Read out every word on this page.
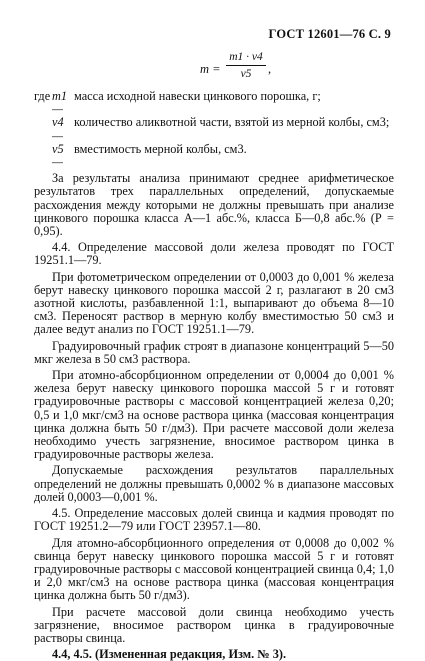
ГОСТ 12601—76 С. 9
m =
m1 · v4
v5	,
где m1 —
масса исходной навески цинкового порошка, г;
v4 —
количество аликвотной части, взятой из мерной колбы, см3;
v5 —
вместимость мерной колбы, см3.

За результаты анализа принимают среднее арифметическое результатов трех параллельных определений, допускаемые расхождения между которыми не должны превышать при анализе цинкового порошка класса А—1 абс.%, класса Б—0,8 абс.% (Р = 0,95).

4.4. Определение массовой доли железа проводят по ГОСТ 19251.1—79.

При фотометрическом определении от 0,0003 до 0,001 % железа берут навеску цинкового порошка массой 2 г, разлагают в 20 см3 азотной кислоты, разбавленной 1:1, выпаривают до объема 8—10 см3. Переносят раствор в мерную колбу вместимостью 50 см3 и далее ведут анализ по ГОСТ 19251.1—79.

Градуировочный график строят в диапазоне концентраций 5—50 мкг железа в 50 см3 раствора.

При атомно-абсорбционном определении от 0,0004 до 0,001 % железа берут навеску цинкового порошка массой 5 г и готовят градуировочные растворы с массовой концентрацией железа 0,20; 0,5 и 1,0 мкг/см3 на основе раствора цинка (массовая концентрация цинка должна быть 50 г/дм3). При расчете массовой доли железа необходимо учесть загрязнение, вносимое раствором цинка в градуировочные растворы железа.

Допускаемые расхождения результатов параллельных определений не должны превышать 0,0002 % в диапазоне массовых долей 0,0003—0,001 %.

4.5. Определение массовых долей свинца и кадмия проводят по ГОСТ 19251.2—79 или ГОСТ 23957.1—80.

Для атомно-абсорбционного определения от 0,0008 до 0,002 % свинца берут навеску цинкового порошка массой 5 г и готовят градуировочные растворы с массовой концентрацией свинца 0,4; 1,0 и 2,0 мкг/см3 на основе раствора цинка (массовая концентрация цинка должна быть 50 г/дм3).

При расчете массовой доли свинца необходимо учесть загрязнение, вносимое раствором цинка в градуировочные растворы свинца.

4.4, 4.5. (Измененная редакция, Изм. № 3).
